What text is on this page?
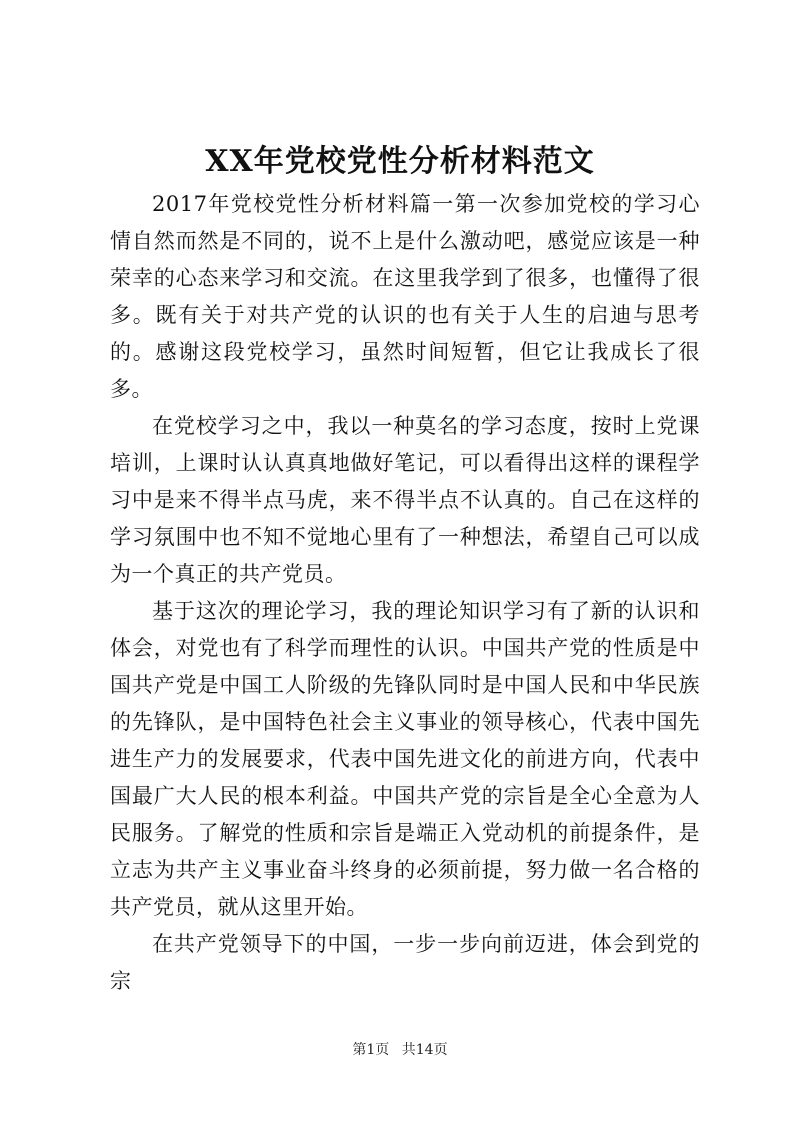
XX年党校党性分析材料范文

2017年党校党性分析材料篇一第一次参加党校的学习心情自然而然是不同的，说不上是什么激动吧，感觉应该是一种荣幸的心态来学习和交流。在这里我学到了很多，也懂得了很多。既有关于对共产党的认识的也有关于人生的启迪与思考的。感谢这段党校学习，虽然时间短暂，但它让我成长了很多。

在党校学习之中，我以一种莫名的学习态度，按时上党课培训，上课时认认真真地做好笔记，可以看得出这样的课程学习中是来不得半点马虎，来不得半点不认真的。自己在这样的学习氛围中也不知不觉地心里有了一种想法，希望自己可以成为一个真正的共产党员。

基于这次的理论学习，我的理论知识学习有了新的认识和体会，对党也有了科学而理性的认识。中国共产党的性质是中国共产党是中国工人阶级的先锋队同时是中国人民和中华民族的先锋队，是中国特色社会主义事业的领导核心，代表中国先进生产力的发展要求，代表中国先进文化的前进方向，代表中国最广大人民的根本利益。中国共产党的宗旨是全心全意为人民服务。了解党的性质和宗旨是端正入党动机的前提条件，是立志为共产主义事业奋斗终身的必须前提，努力做一名合格的共产党员，就从这里开始。

在共产党领导下的中国，一步一步向前迈进，体会到党的宗

第1页 共14页
